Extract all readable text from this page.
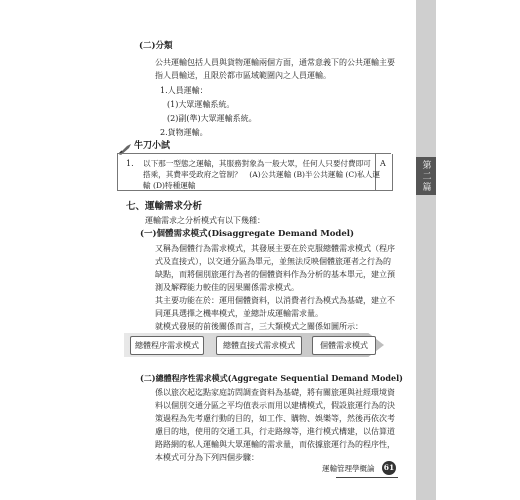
第二篇
(二)分類
公共運輸包括人員與貨物運輸兩個方面，通常意義下的公共運輸主要
指人員輸送，且限於都市區域範圍內之人員運輸。
1.人員運輸：
(1)大眾運輸系統。
(2)副(準)大眾運輸系統。
2.貨物運輸。
牛刀小試
1. 以下那一型態之運輸，其服務對象為一般大眾，任何人只要付費即可
搭乘，其費率受政府之管制？　(A)公共運輸 (B)半公共運輸 (C)私人運
輸 (D)特種運輸
A
七、運輸需求分析
運輸需求之分析模式有以下幾種：
(一)個體需求模式(Disaggregate Demand Model)
又稱為個體行為需求模式，其發展主要在於克服總體需求模式（程序
式及直接式），以交通分區為單元，並無法反映個體旅運者之行為的
缺點，而將個別旅運行為者的個體資料作為分析的基本單元，建立預
測及解釋能力較佳的因果關係需求模式。
其主要功能在於：運用個體資料，以消費者行為模式為基礎，建立不
同運具選擇之機率模式，並總計成運輸需求量。
就模式發展的前後關係而言，三大類模式之關係如圖所示：
總體程序需求模式	總體直接式需求模式	個體需求模式
(二)總體程序性需求模式(Aggregate Sequential Demand Model)
係以旅次起迄點家庭訪問調查資料為基礎，將有關旅運與社經環境資
料以個別交通分區之平均值表示而用以建構模式，假設旅運行為的決
策過程為先考慮行動的目的，如工作、購物、娛樂等，然後再依次考
慮目的地，使用的交通工具，行走路線等，進行模式構建，以估算道
路路網的私人運輸與大眾運輸的需求量，而依據旅運行為的程序性，
本模式可分為下列四個步驟：
運輸管理學概論 61
